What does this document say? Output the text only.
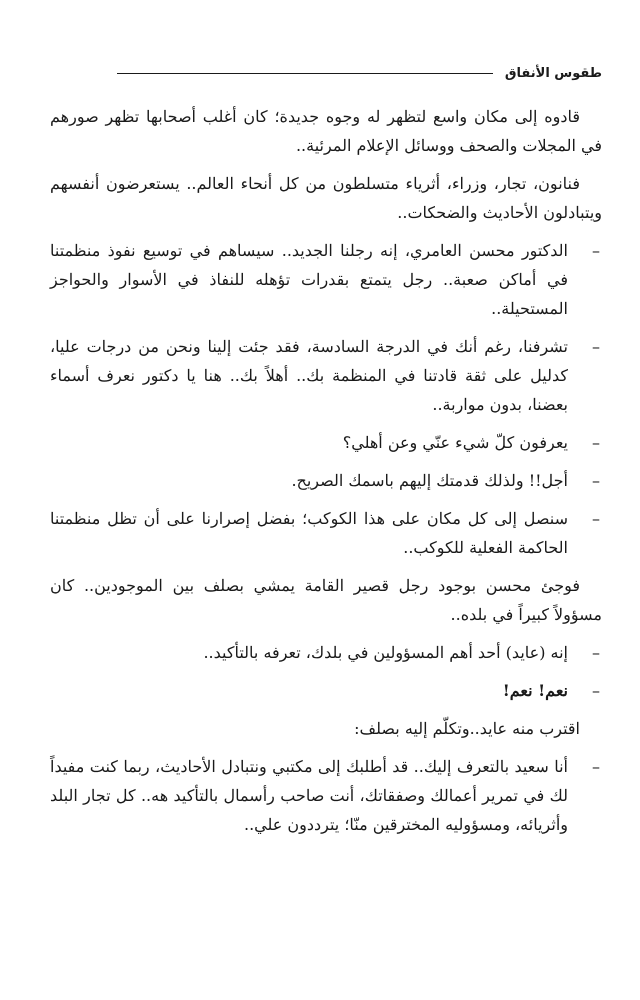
طقوس الأنفاق

قادوه إلى مكان واسع لتظهر له وجوه جديدة؛ كان أغلب أصحابها تظهر صورهم في المجلات والصحف ووسائل الإعلام المرئية..

فنانون، تجار، وزراء، أثرياء متسلطون من كل أنحاء العالم.. يستعرضون أنفسهم ويتبادلون الأحاديث والضحكات..

–
الدكتور محسن العامري، إنه رجلنا الجديد.. سيساهم في توسيع نفوذ منظمتنا في أماكن صعبة.. رجل يتمتع بقدرات تؤهله للنفاذ في الأسوار والحواجز المستحيلة..
–
تشرفنا، رغم أنك في الدرجة السادسة، فقد جئت إلينا ونحن من درجات عليا، كدليل على ثقة قادتنا في المنظمة بك.. أهلاً بك.. هنا يا دكتور نعرف أسماء بعضنا، بدون مواربة..
–
يعرفون كلّ شيء عنّي وعن أهلي؟
–
أجل!! ولذلك قدمتك إليهم باسمك الصريح.
–
سنصل إلى كل مكان على هذا الكوكب؛ بفضل إصرارنا على أن تظل منظمتنا الحاكمة الفعلية للكوكب..

فوجئ محسن بوجود رجل قصير القامة يمشي بصلف بين الموجودين.. كان مسؤولاً كبيراً في بلده..

–
إنه (عايد) أحد أهم المسؤولين في بلدك، تعرفه بالتأكيد..
–
نعم! نعم!

اقترب منه عايد..وتكلّم إليه بصلف:

–
أنا سعيد بالتعرف إليك.. قد أطلبك إلى مكتبي ونتبادل الأحاديث، ربما كنت مفيداً لك في تمرير أعمالك وصفقاتك، أنت صاحب رأسمال بالتأكيد هه.. كل تجار البلد وأثريائه، ومسؤوليه المخترقين منّا؛ يترددون علي..
